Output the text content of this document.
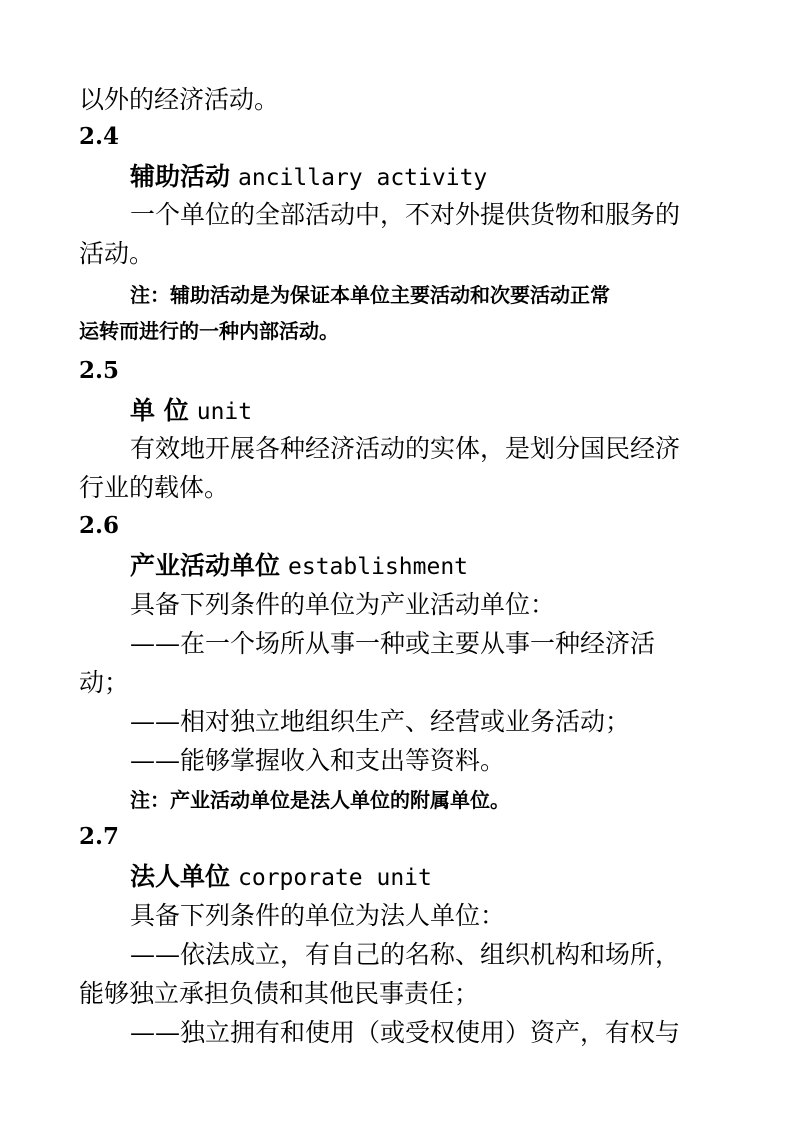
以外的经济活动。

2.4

辅助活动 ancillary activity

一个单位的全部活动中，不对外提供货物和服务的

活动。

注：辅助活动是为保证本单位主要活动和次要活动正常

运转而进行的一种内部活动。

2.5

单 位 unit

有效地开展各种经济活动的实体，是划分国民经济

行业的载体。

2.6

产业活动单位 establishment

具备下列条件的单位为产业活动单位：

——在一个场所从事一种或主要从事一种经济活

动；

——相对独立地组织生产、经营或业务活动；

——能够掌握收入和支出等资料。

注：产业活动单位是法人单位的附属单位。

2.7

法人单位 corporate unit

具备下列条件的单位为法人单位：

——依法成立，有自己的名称、组织机构和场所，

能够独立承担负债和其他民事责任；

——独立拥有和使用（或受权使用）资产，有权与
